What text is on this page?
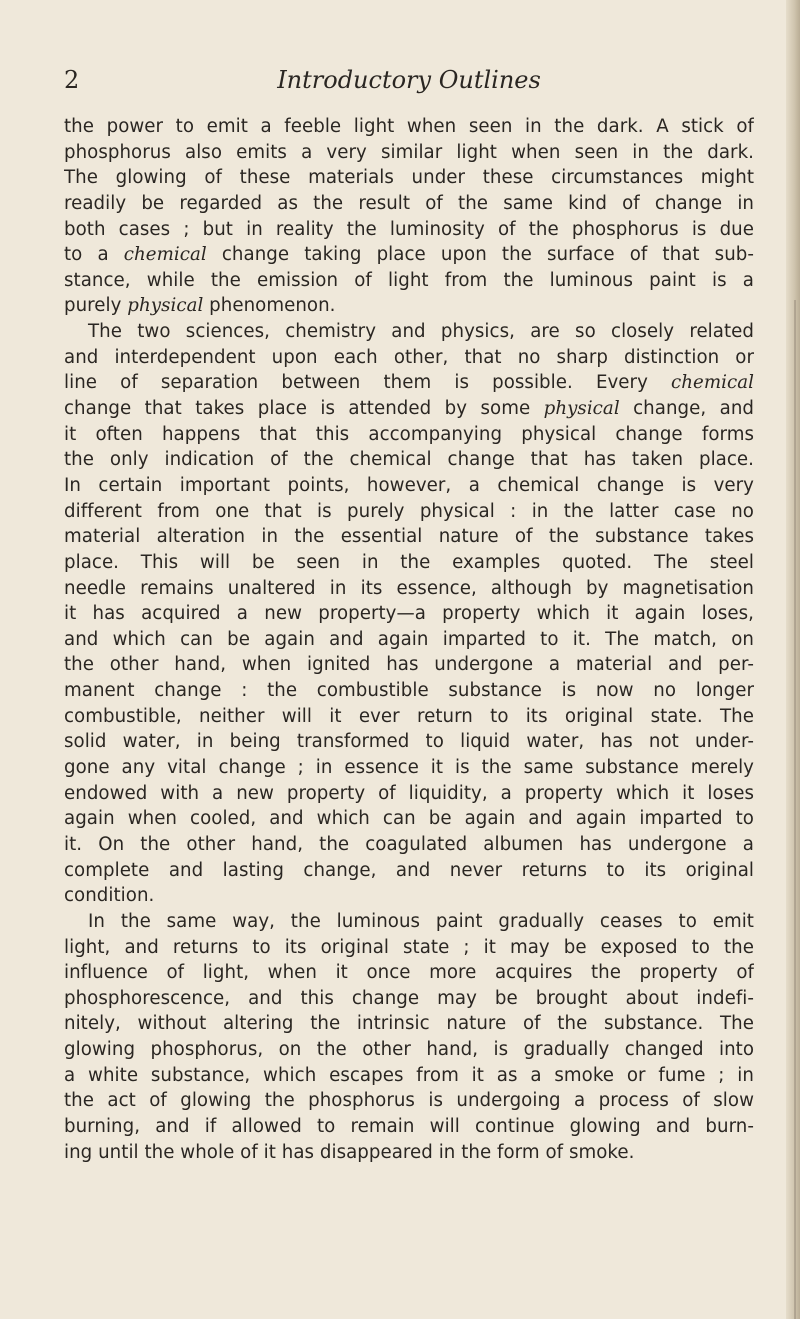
2	Introductory Outlines
the power to emit a feeble light when seen in the dark. A stick of
phosphorus also emits a very similar light when seen in the dark.
The glowing of these materials under these circumstances might
readily be regarded as the result of the same kind of change in
both cases ; but in reality the luminosity of the phosphorus is due
to a chemical change taking place upon the surface of that sub-
stance, while the emission of light from the luminous paint is a
purely physical phenomenon.
The two sciences, chemistry and physics, are so closely related
and interdependent upon each other, that no sharp distinction or
line of separation between them is possible. Every chemical
change that takes place is attended by some physical change, and
it often happens that this accompanying physical change forms
the only indication of the chemical change that has taken place.
In certain important points, however, a chemical change is very
different from one that is purely physical : in the latter case no
material alteration in the essential nature of the substance takes
place. This will be seen in the examples quoted. The steel
needle remains unaltered in its essence, although by magnetisation
it has acquired a new property—a property which it again loses,
and which can be again and again imparted to it. The match, on
the other hand, when ignited has undergone a material and per-
manent change : the combustible substance is now no longer
combustible, neither will it ever return to its original state. The
solid water, in being transformed to liquid water, has not under-
gone any vital change ; in essence it is the same substance merely
endowed with a new property of liquidity, a property which it loses
again when cooled, and which can be again and again imparted to
it. On the other hand, the coagulated albumen has undergone a
complete and lasting change, and never returns to its original
condition.
In the same way, the luminous paint gradually ceases to emit
light, and returns to its original state ; it may be exposed to the
influence of light, when it once more acquires the property of
phosphorescence, and this change may be brought about indefi-
nitely, without altering the intrinsic nature of the substance. The
glowing phosphorus, on the other hand, is gradually changed into
a white substance, which escapes from it as a smoke or fume ; in
the act of glowing the phosphorus is undergoing a process of slow
burning, and if allowed to remain will continue glowing and burn-
ing until the whole of it has disappeared in the form of smoke.
